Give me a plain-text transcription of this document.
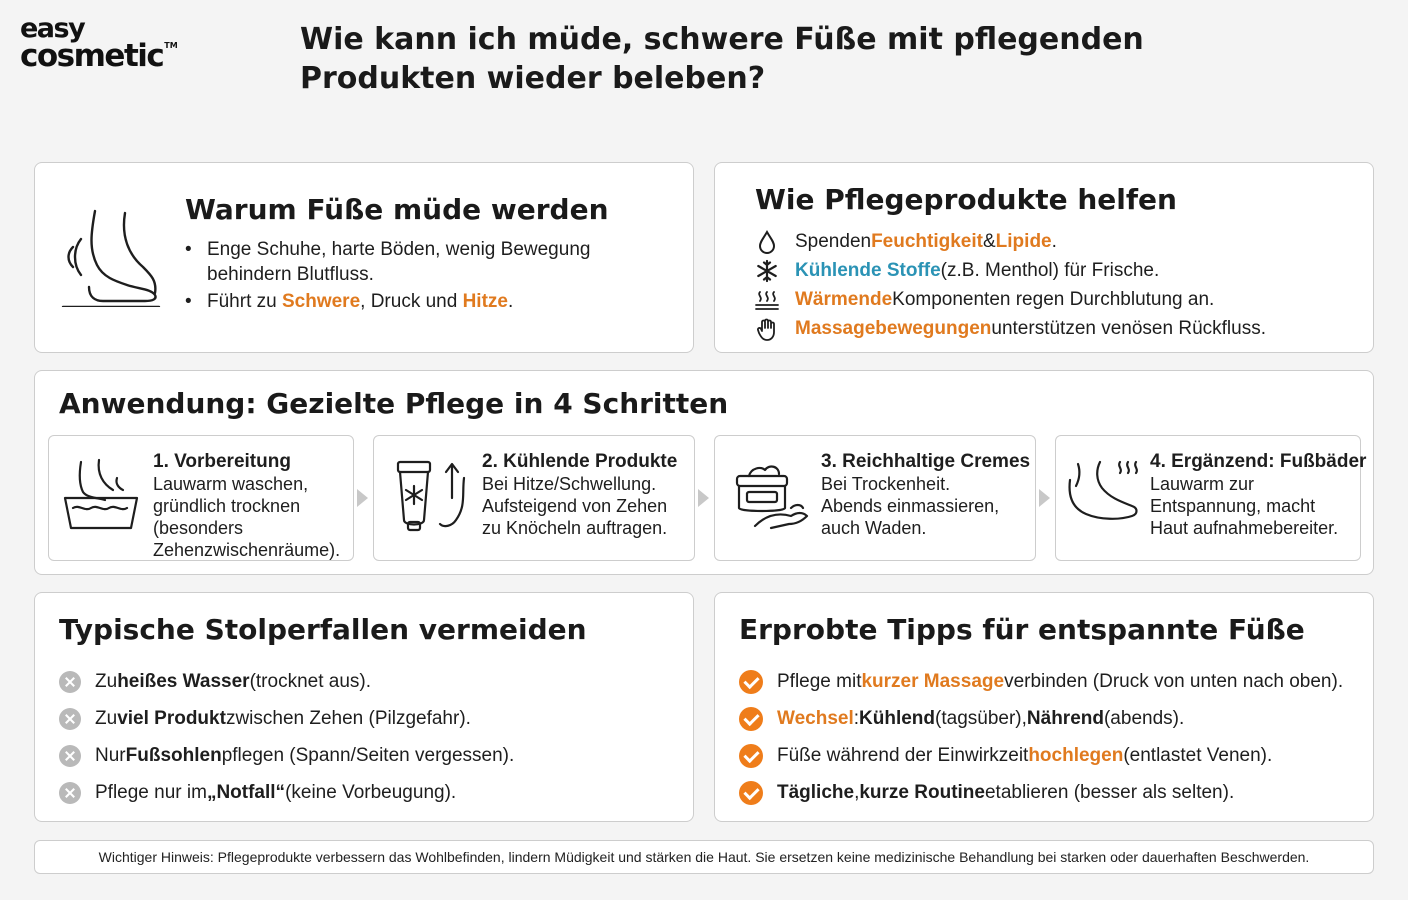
easy
cosmetic™	Wie kann ich müde, schwere Füße mit pflegenden Produkten wieder beleben?
Warum Füße müde werden
• Enge Schuhe, harte Böden, wenig Bewegung behindern Blutfluss.
• Führt zu Schwere, Druck und Hitze.
Wie Pflegeprodukte helfen
Spenden Feuchtigkeit & Lipide .
Kühlende Stoffe (z.B. Menthol) für Frische.
Wärmende Komponenten regen Durchblutung an.
Massagebewegungen unterstützen venösen Rückfluss.
Anwendung: Gezielte Pflege in 4 Schritten
1. Vorbereitung
Lauwarm waschen,
gründlich trocknen
(besonders
Zehenzwischenräume).
2. Kühlende Produkte
Bei Hitze/Schwellung.
Aufsteigend von Zehen
zu Knöcheln auftragen.
3. Reichhaltige Cremes
Bei Trockenheit.
Abends einmassieren,
auch Waden.
4. Ergänzend: Fußbäder
Lauwarm zur
Entspannung, macht
Haut aufnahmebereiter.
Typische Stolperfallen vermeiden
Zu heißes Wasser (trocknet aus).
Zu viel Produkt zwischen Zehen (Pilzgefahr).
Nur Fußsohlen pflegen (Spann/Seiten vergessen).
Pflege nur im „Notfall“ (keine Vorbeugung).
Erprobte Tipps für entspannte Füße
Pflege mit kurzer Massage verbinden (Druck von unten nach oben).
Wechsel : Kühlend (tagsüber), Nährend (abends).
Füße während der Einwirkzeit hochlegen (entlastet Venen).
Tägliche , kurze Routine etablieren (besser als selten).
Wichtiger Hinweis: Pflegeprodukte verbessern das Wohlbefinden, lindern Müdigkeit und stärken die Haut. Sie ersetzen keine medizinische Behandlung bei starken oder dauerhaften Beschwerden.
